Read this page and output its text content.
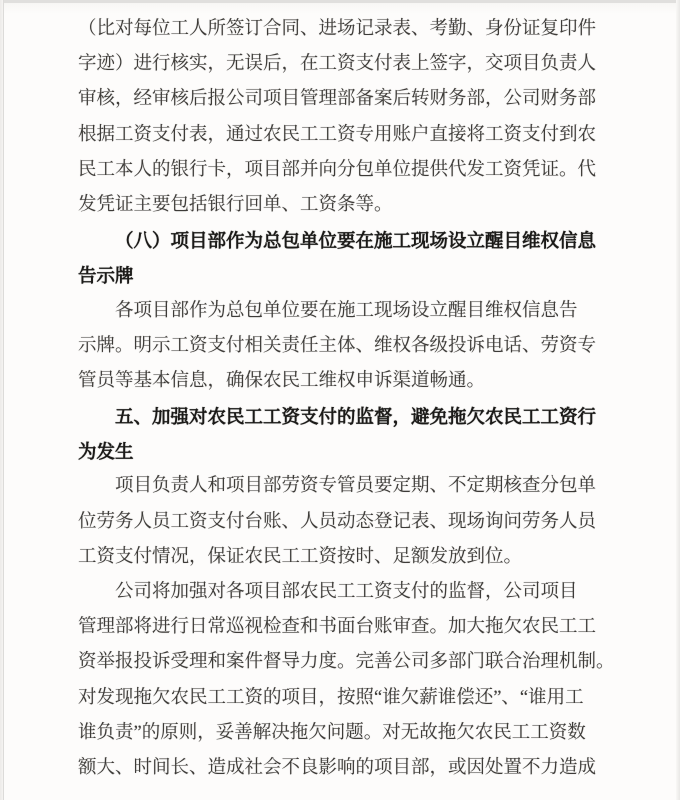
（比对每位工人所签订合同、进场记录表、考勤、身份证复印件
字迹）进行核实，无误后，在工资支付表上签字，交项目负责人
审核，经审核后报公司项目管理部备案后转财务部，公司财务部
根据工资支付表，通过农民工工资专用账户直接将工资支付到农
民工本人的银行卡，项目部并向分包单位提供代发工资凭证。代
发凭证主要包括银行回单、工资条等。
（八）项目部作为总包单位要在施工现场设立醒目维权信息
告示牌
各项目部作为总包单位要在施工现场设立醒目维权信息告
示牌。明示工资支付相关责任主体、维权各级投诉电话、劳资专
管员等基本信息，确保农民工维权申诉渠道畅通。
五、加强对农民工工资支付的监督，避免拖欠农民工工资行
为发生
项目负责人和项目部劳资专管员要定期、不定期核查分包单
位劳务人员工资支付台账、人员动态登记表、现场询问劳务人员
工资支付情况，保证农民工工资按时、足额发放到位。
公司将加强对各项目部农民工工资支付的监督，公司项目
管理部将进行日常巡视检查和书面台账审查。加大拖欠农民工工
资举报投诉受理和案件督导力度。完善公司多部门联合治理机制。
对发现拖欠农民工工资的项目，按照“谁欠薪谁偿还”、“谁用工
谁负责”的原则，妥善解决拖欠问题。对无故拖欠农民工工资数
额大、时间长、造成社会不良影响的项目部，或因处置不力造成
